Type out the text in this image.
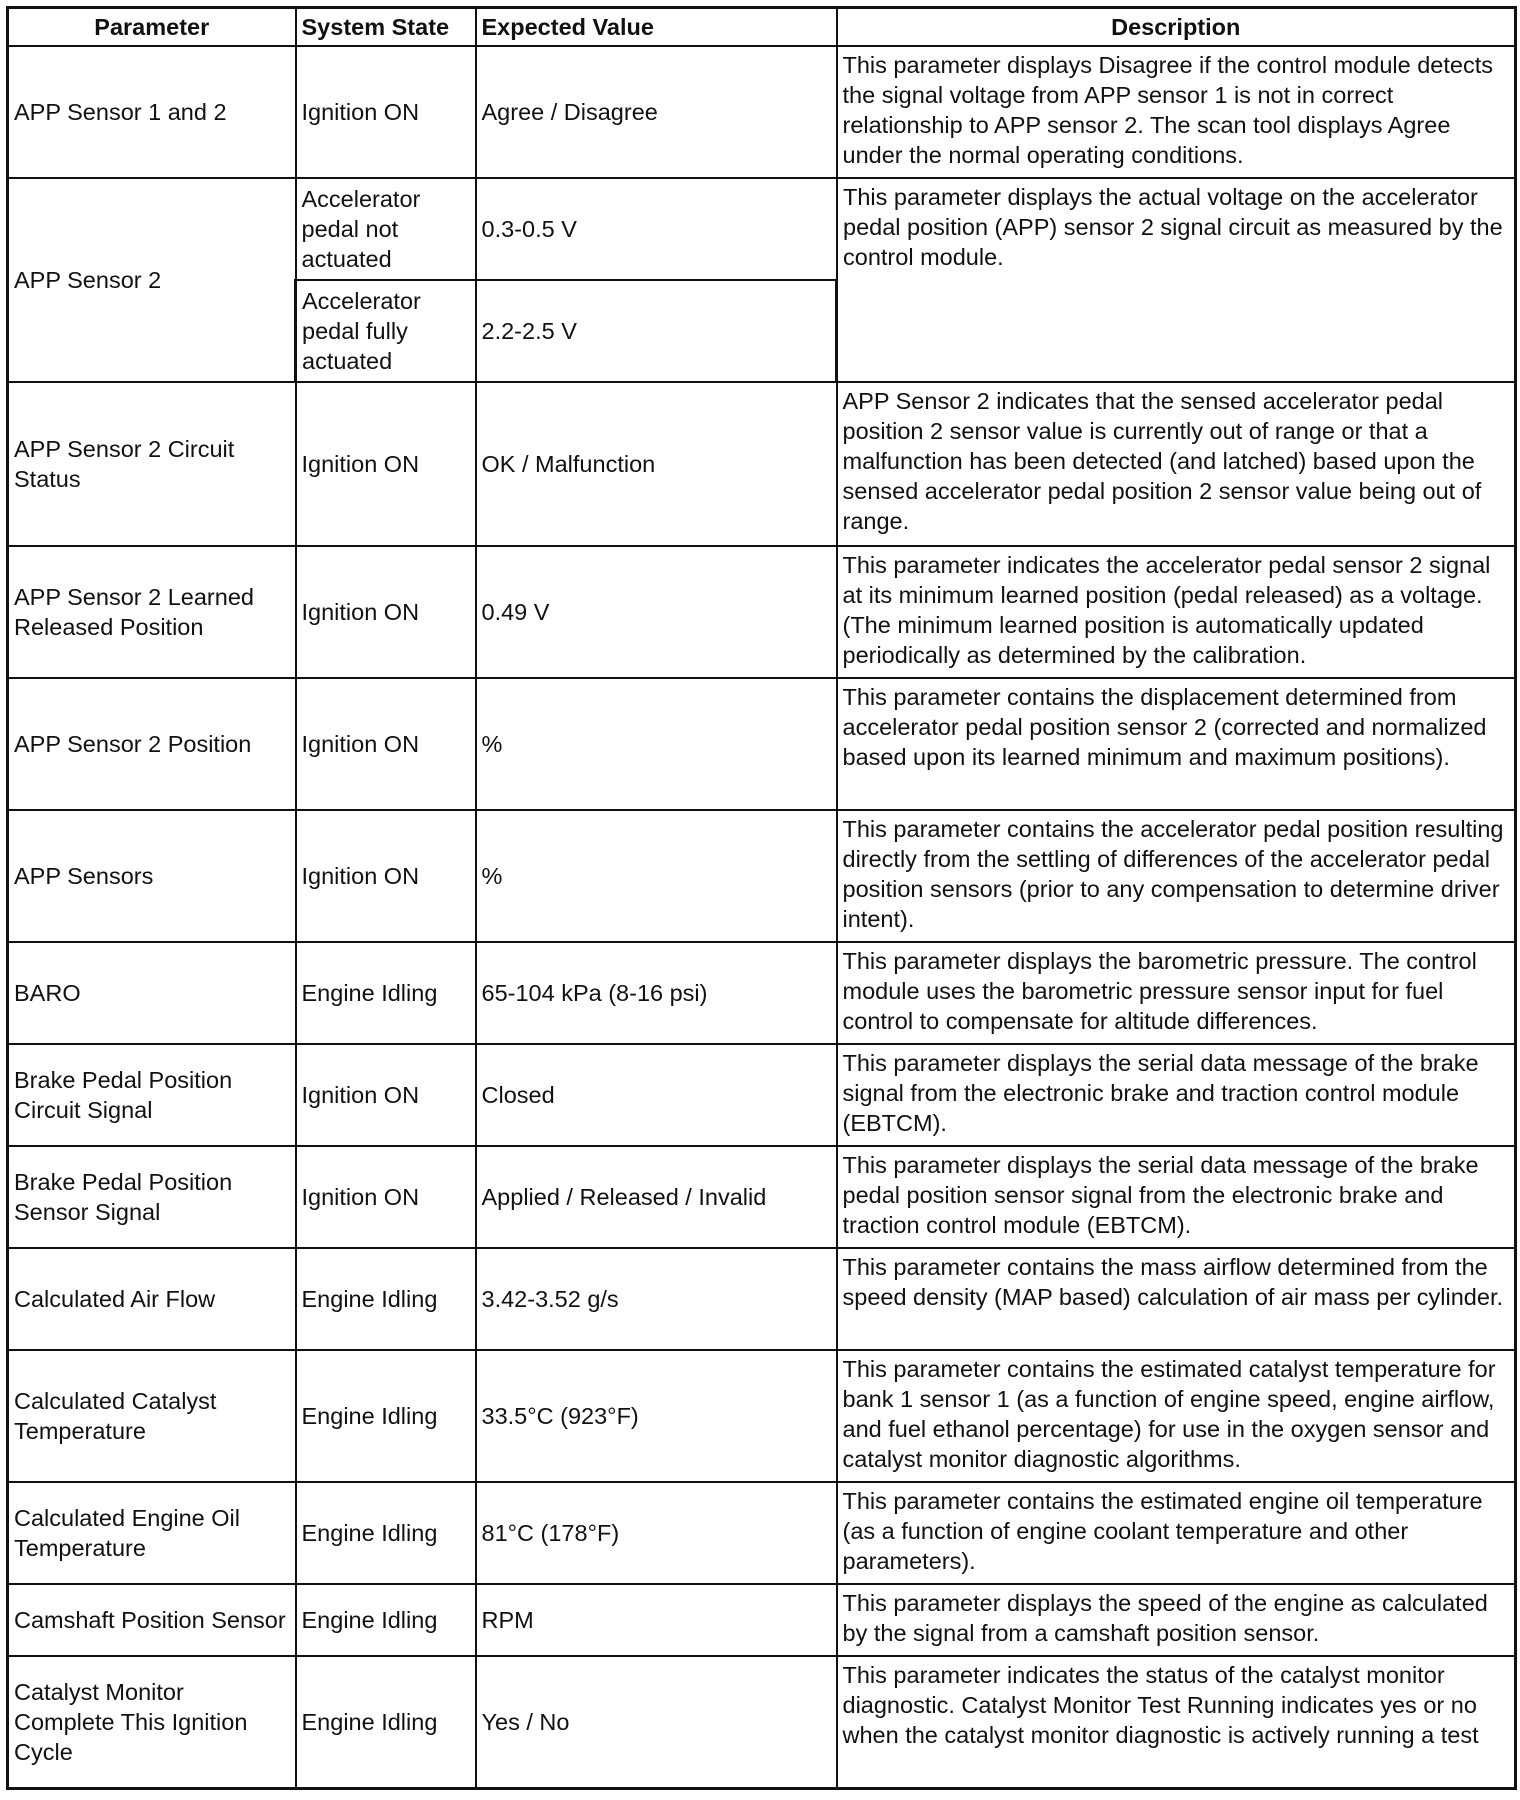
Parameter	System State	Expected Value	Description
APP Sensor 1 and 2	Ignition ON	Agree / Disagree	This parameter displays Disagree if the control module detects the signal voltage from APP sensor 1 is not in correct relationship to APP sensor 2. The scan tool displays Agree under the normal operating conditions.
APP Sensor 2	Accelerator pedal not actuated	0.3-0.5 V	This parameter displays the actual voltage on the accelerator pedal position (APP) sensor 2 signal circuit as measured by the control module.
	Accelerator pedal fully actuated	2.2-2.5 V	
APP Sensor 2 Circuit Status	Ignition ON	OK / Malfunction	APP Sensor 2 indicates that the sensed accelerator pedal position 2 sensor value is currently out of range or that a malfunction has been detected (and latched) based upon the sensed accelerator pedal position 2 sensor value being out of range.
APP Sensor 2 Learned Released Position	Ignition ON	0.49 V	This parameter indicates the accelerator pedal sensor 2 signal at its minimum learned position (pedal released) as a voltage. (The minimum learned position is automatically updated periodically as determined by the calibration.
APP Sensor 2 Position	Ignition ON	%	This parameter contains the displacement determined from accelerator pedal position sensor 2 (corrected and normalized based upon its learned minimum and maximum positions).
APP Sensors	Ignition ON	%	This parameter contains the accelerator pedal position resulting directly from the settling of differences of the accelerator pedal position sensors (prior to any compensation to determine driver intent).
BARO	Engine Idling	65-104 kPa (8-16 psi)	This parameter displays the barometric pressure. The control module uses the barometric pressure sensor input for fuel control to compensate for altitude differences.
Brake Pedal Position Circuit Signal	Ignition ON	Closed	This parameter displays the serial data message of the brake signal from the electronic brake and traction control module (EBTCM).
Brake Pedal Position Sensor Signal	Ignition ON	Applied / Released / Invalid	This parameter displays the serial data message of the brake pedal position sensor signal from the electronic brake and traction control module (EBTCM).
Calculated Air Flow	Engine Idling	3.42-3.52 g/s	This parameter contains the mass airflow determined from the speed density (MAP based) calculation of air mass per cylinder.
Calculated Catalyst Temperature	Engine Idling	33.5°C (923°F)	This parameter contains the estimated catalyst temperature for bank 1 sensor 1 (as a function of engine speed, engine airflow, and fuel ethanol percentage) for use in the oxygen sensor and catalyst monitor diagnostic algorithms.
Calculated Engine Oil Temperature	Engine Idling	81°C (178°F)	This parameter contains the estimated engine oil temperature (as a function of engine coolant temperature and other parameters).
Camshaft Position Sensor	Engine Idling	RPM	This parameter displays the speed of the engine as calculated by the signal from a camshaft position sensor.
Catalyst Monitor Complete This Ignition Cycle	Engine Idling	Yes / No	This parameter indicates the status of the catalyst monitor diagnostic. Catalyst Monitor Test Running indicates yes or no when the catalyst monitor diagnostic is actively running a test
